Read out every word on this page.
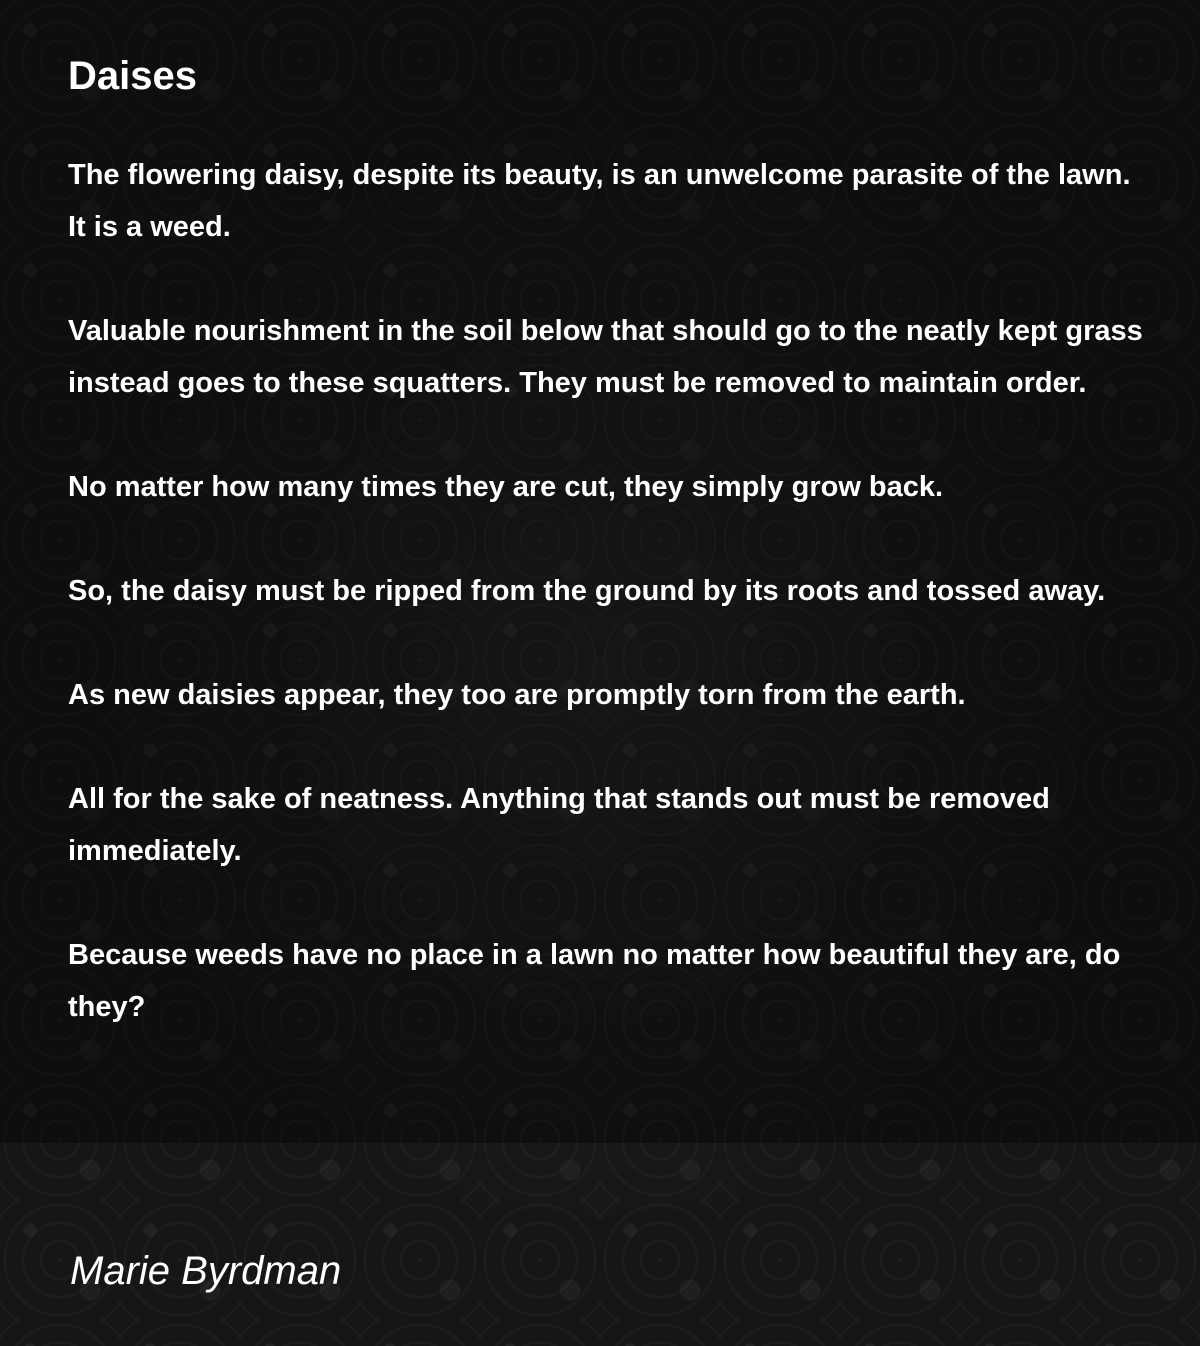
Daises

The flowering daisy, despite its beauty, is an unwelcome parasite of the lawn. It is a weed.

Valuable nourishment in the soil below that should go to the neatly kept grass instead goes to these squatters. They must be removed to maintain order.

No matter how many times they are cut, they simply grow back.

So, the daisy must be ripped from the ground by its roots and tossed away.

As new daisies appear, they too are promptly torn from the earth.

All for the sake of neatness. Anything that stands out must be removed immediately.

Because weeds have no place in a lawn no matter how beautiful they are, do they?

Marie Byrdman
